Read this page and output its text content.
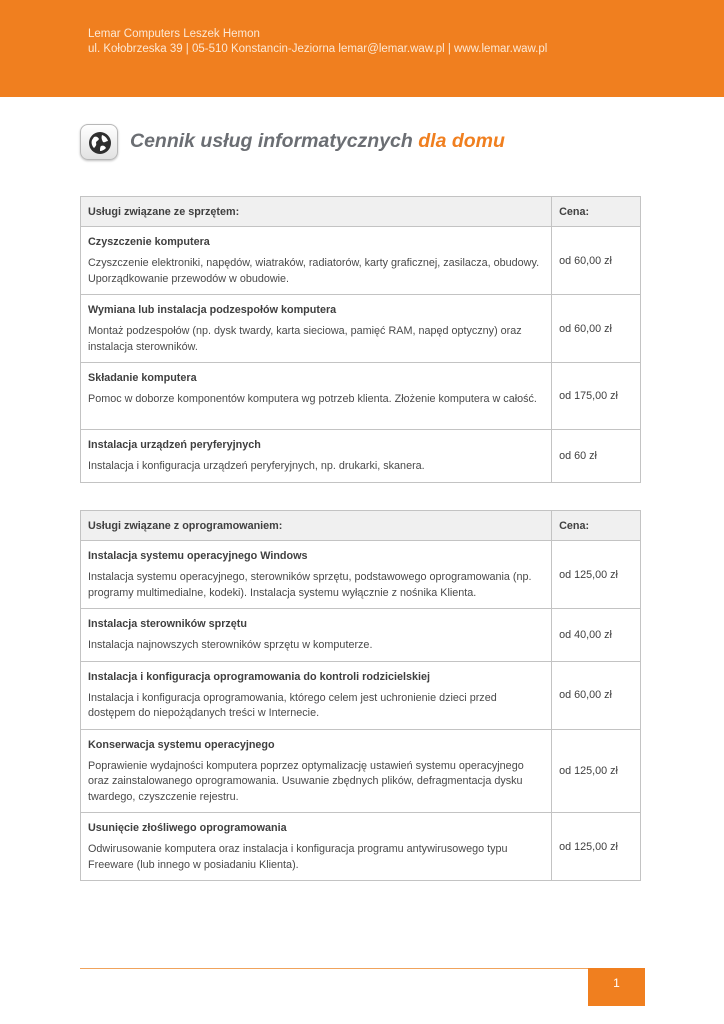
Lemar Computers Leszek Hemon
ul. Kołobrzeska 39 | 05-510 Konstancin-Jeziorna lemar@lemar.waw.pl | www.lemar.waw.pl
Cennik usług informatycznych dla domu
Usługi związane ze sprzętem:	Cena:

Czyszczenie komputera
Czyszczenie elektroniki, napędów, wiatraków, radiatorów, karty graficznej, zasilacza, obudowy. Uporządkowanie przewodów w obudowie.	od 60,00 zł

Wymiana lub instalacja podzespołów komputera
Montaż podzespołów (np. dysk twardy, karta sieciowa, pamięć RAM, napęd optyczny) oraz instalacja sterowników.	od 60,00 zł

Składanie komputera
Pomoc w doborze komponentów komputera wg potrzeb klienta. Złożenie komputera w całość.	od 175,00 zł

Instalacja urządzeń peryferyjnych
Instalacja i konfiguracja urządzeń peryferyjnych, np. drukarki, skanera.	od 60 zł
Usługi związane z oprogramowaniem:	Cena:

Instalacja systemu operacyjnego Windows
Instalacja systemu operacyjnego, sterowników sprzętu, podstawowego oprogramowania (np. programy multimedialne, kodeki). Instalacja systemu wyłącznie z nośnika Klienta.	od 125,00 zł

Instalacja sterowników sprzętu
Instalacja najnowszych sterowników sprzętu w komputerze.	od 40,00 zł

Instalacja i konfiguracja oprogramowania do kontroli rodzicielskiej
Instalacja i konfiguracja oprogramowania, którego celem jest uchronienie dzieci przed dostępem do niepożądanych treści w Internecie.	od 60,00 zł

Konserwacja systemu operacyjnego
Poprawienie wydajności komputera poprzez optymalizację ustawień systemu operacyjnego oraz zainstalowanego oprogramowania. Usuwanie zbędnych plików, defragmentacja dysku twardego, czyszczenie rejestru.	od 125,00 zł

Usunięcie złośliwego oprogramowania
Odwirusowanie komputera oraz instalacja i konfiguracja programu antywirusowego typu Freeware (lub innego w posiadaniu Klienta).	od 125,00 zł
1
